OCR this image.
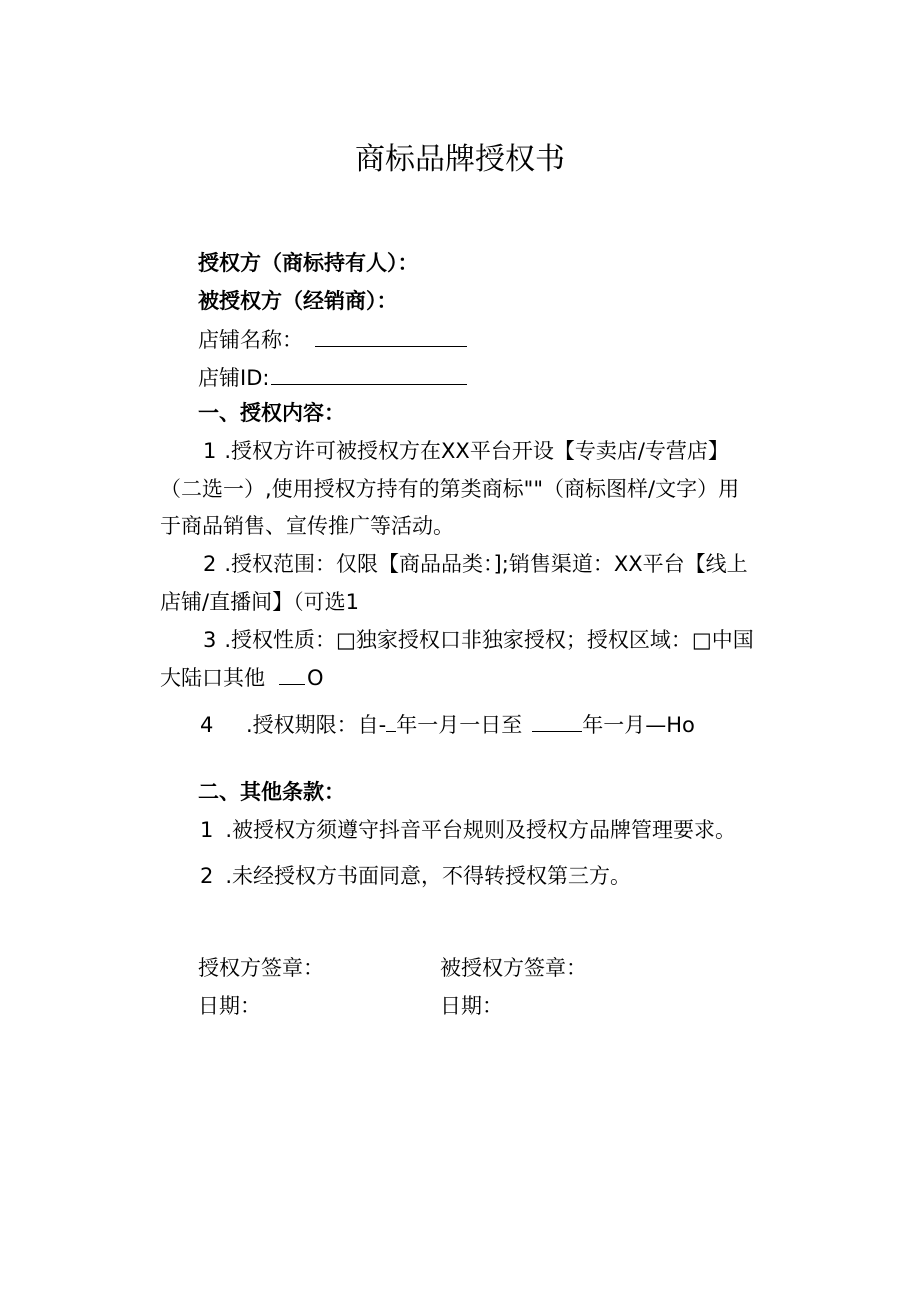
商标品牌授权书
授权方（商标持有人）：
被授权方（经销商）：
店铺名称：
店铺ID:
一、授权内容：
1 .授权方许可被授权方在XX平台开设【专卖店/专营店】
（二选一）,使用授权方持有的第类商标""（商标图样/文字）用
于商品销售、宣传推广等活动。
2 .授权范围：仅限【商品品类：];销售渠道：XX平台【线上
店铺/直播间】（可选1
3 .授权性质：□独家授权口非独家授权；授权区域：□中国
大陆口其他 O
4 .授权期限：自- 年一月一日至	年一月—Ho
二、其他条款：
1 .被授权方须遵守抖音平台规则及授权方品牌管理要求。
2 .未经授权方书面同意，不得转授权第三方。
授权方签章：	被授权方签章：
日期：	日期：
